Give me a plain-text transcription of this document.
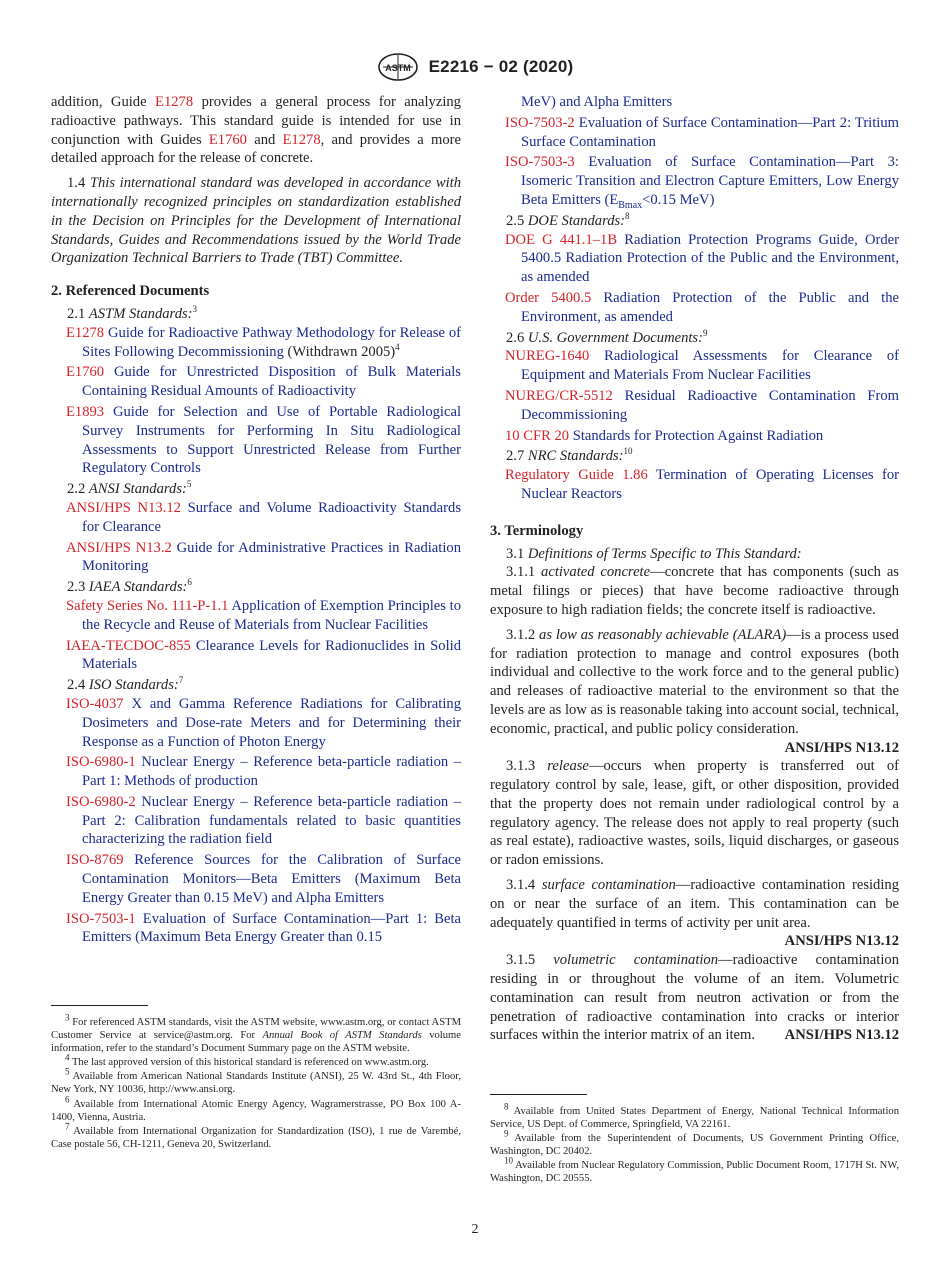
ASTM E2216 − 02 (2020)

addition, Guide E1278 provides a general process for analyzing radioactive pathways. This standard guide is intended for use in conjunction with Guides E1760 and E1278, and provides a more detailed approach for the release of concrete.

1.4 This international standard was developed in accordance with internationally recognized principles on standardization established in the Decision on Principles for the Development of International Standards, Guides and Recommendations issued by the World Trade Organization Technical Barriers to Trade (TBT) Committee.

2. Referenced Documents

2.1 ASTM Standards:$^3$

E1278 Guide for Radioactive Pathway Methodology for Release of Sites Following Decommissioning (Withdrawn 2005)$^4$

E1760 Guide for Unrestricted Disposition of Bulk Materials Containing Residual Amounts of Radioactivity

E1893 Guide for Selection and Use of Portable Radiological Survey Instruments for Performing In Situ Radiological Assessments to Support Unrestricted Release from Further Regulatory Controls

2.2 ANSI Standards:$^5$

ANSI/HPS N13.12 Surface and Volume Radioactivity Standards for Clearance

ANSI/HPS N13.2 Guide for Administrative Practices in Radiation Monitoring

2.3 IAEA Standards:$^6$

Safety Series No. 111-P-1.1 Application of Exemption Principles to the Recycle and Reuse of Materials from Nuclear Facilities

IAEA-TECDOC-855 Clearance Levels for Radionuclides in Solid Materials

2.4 ISO Standards:$^7$

ISO-4037 X and Gamma Reference Radiations for Calibrating Dosimeters and Dose-rate Meters and for Determining their Response as a Function of Photon Energy

ISO-6980-1 Nuclear Energy – Reference beta-particle radiation – Part 1: Methods of production

ISO-6980-2 Nuclear Energy – Reference beta-particle radiation – Part 2: Calibration fundamentals related to basic quantities characterizing the radiation field

ISO-8769 Reference Sources for the Calibration of Surface Contamination Monitors—Beta Emitters (Maximum Beta Energy Greater than 0.15 MeV) and Alpha Emitters

ISO-7503-1 Evaluation of Surface Contamination—Part 1: Beta Emitters (Maximum Beta Energy Greater than 0.15

MeV) and Alpha Emitters

ISO-7503-2 Evaluation of Surface Contamination—Part 2: Tritium Surface Contamination

ISO-7503-3 Evaluation of Surface Contamination—Part 3: Isomeric Transition and Electron Capture Emitters, Low Energy Beta Emitters ($E_{Bmax}<0.15$ MeV)

2.5 DOE Standards:$^8$

DOE G 441.1–1B Radiation Protection Programs Guide, Order 5400.5 Radiation Protection of the Public and the Environment, as amended

Order 5400.5 Radiation Protection of the Public and the Environment, as amended

2.6 U.S. Government Documents:$^9$

NUREG-1640 Radiological Assessments for Clearance of Equipment and Materials From Nuclear Facilities

NUREG/CR-5512 Residual Radioactive Contamination From Decommissioning

10 CFR 20 Standards for Protection Against Radiation

2.7 NRC Standards:$^{10}$

Regulatory Guide 1.86 Termination of Operating Licenses for Nuclear Reactors

3. Terminology

3.1 Definitions of Terms Specific to This Standard:

3.1.1 activated concrete—concrete that has components (such as metal filings or pieces) that have become radioactive through exposure to high radiation fields; the concrete itself is radioactive.

3.1.2 as low as reasonably achievable (ALARA)—is a process used for radiation protection to manage and control exposures (both individual and collective to the work force and to the general public) and releases of radioactive material to the environment so that the levels are as low as is reasonable taking into account social, technical, economic, practical, and public policy consideration.
ANSI/HPS N13.12

3.1.3 release—occurs when property is transferred out of regulatory control by sale, lease, gift, or other disposition, provided that the property does not remain under radiological control by a regulatory agency. The release does not apply to real property (such as real estate), radioactive wastes, soils, liquid discharges, or gaseous or radon emissions.

3.1.4 surface contamination—radioactive contamination residing on or near the surface of an item. This contamination can be adequately quantified in terms of activity per unit area.
ANSI/HPS N13.12

3.1.5 volumetric contamination—radioactive contamination residing in or throughout the volume of an item. Volumetric contamination can result from neutron activation or from the penetration of radioactive contamination into cracks or interior surfaces within the interior matrix of an item.	ANSI/HPS N13.12

$^3$ For referenced ASTM standards, visit the ASTM website, www.astm.org, or contact ASTM Customer Service at service@astm.org. For Annual Book of ASTM Standards volume information, refer to the standard’s Document Summary page on the ASTM website.

$^4$ The last approved version of this historical standard is referenced on www.astm.org.

$^5$ Available from American National Standards Institute (ANSI), 25 W. 43rd St., 4th Floor, New York, NY 10036, http://www.ansi.org.

$^6$ Available from International Atomic Energy Agency, Wagramerstrasse, PO Box 100 A-1400, Vienna, Austria.

$^7$ Available from International Organization for Standardization (ISO), 1 rue de Varembé, Case postale 56, CH-1211, Geneva 20, Switzerland.

$^8$ Available from United States Department of Energy, National Technical Information Service, US Dept. of Commerce, Springfield, VA 22161.

$^9$ Available from the Superintendent of Documents, US Government Printing Office, Washington, DC 20402.

$^{10}$ Available from Nuclear Regulatory Commission, Public Document Room, 1717H St. NW, Washington, DC 20555.

2
